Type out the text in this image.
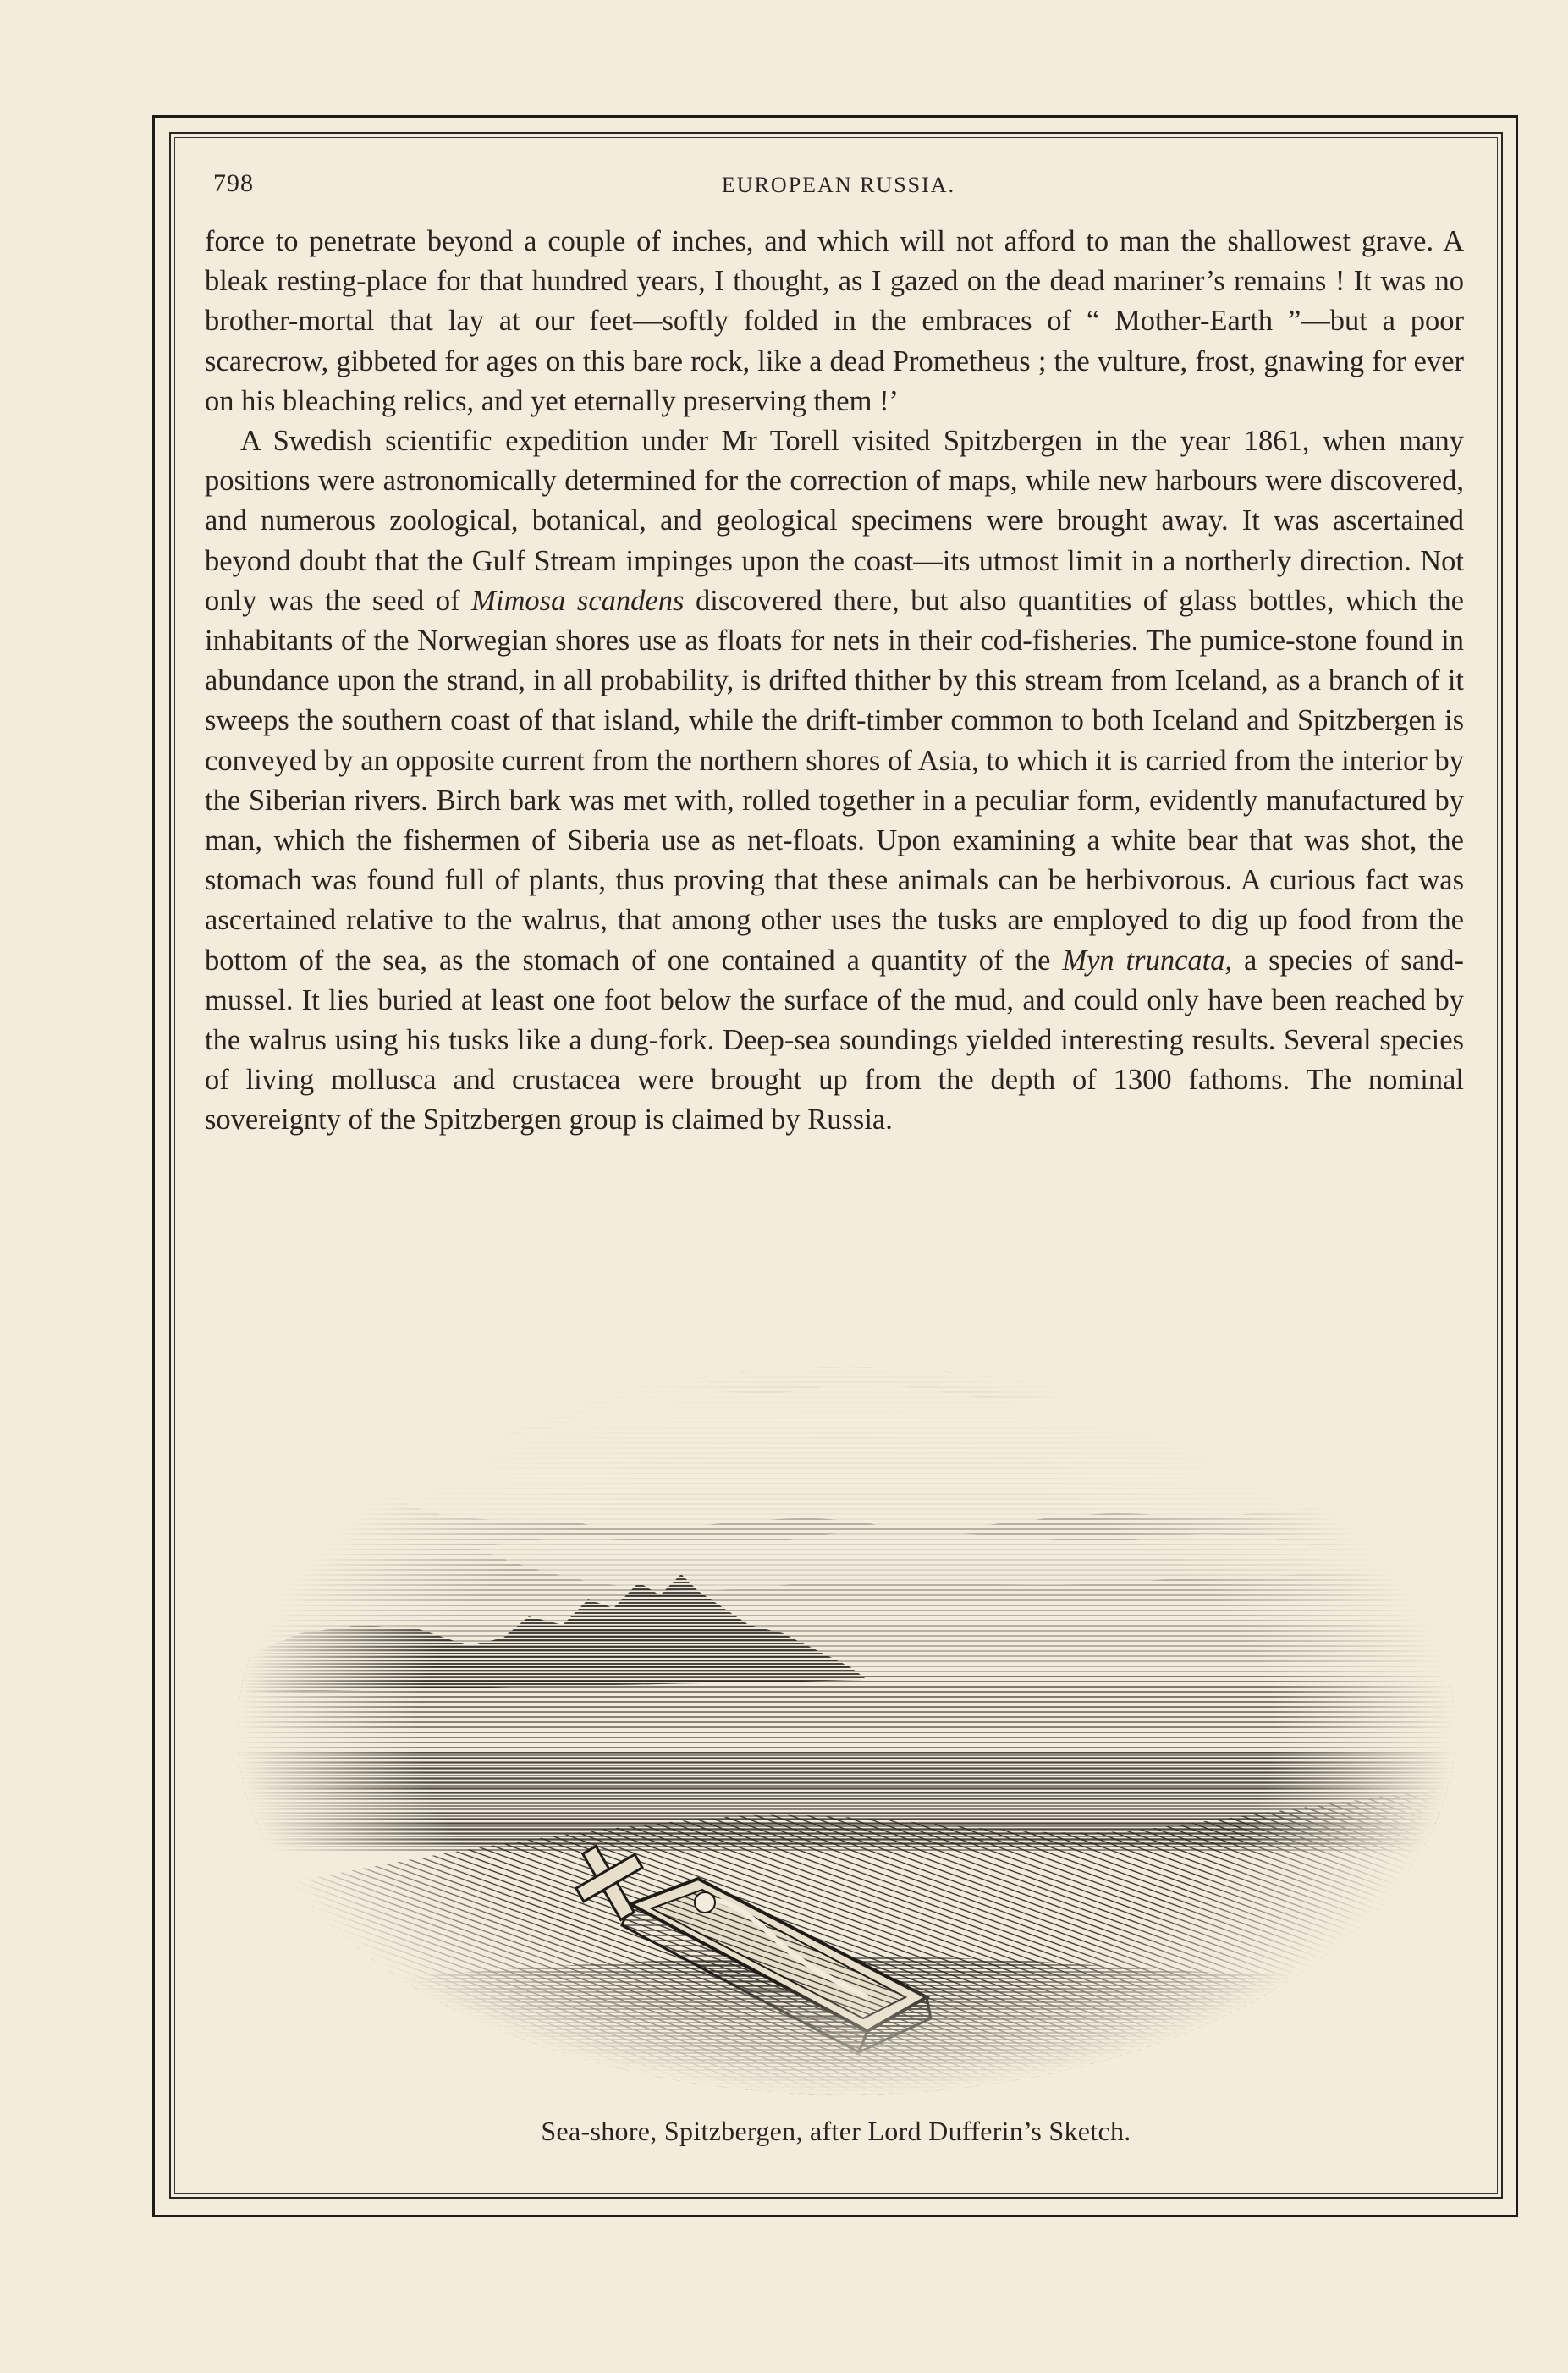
798	EUROPEAN RUSSIA.

force to penetrate beyond a couple of inches, and which will not afford to man the shallowest grave. A bleak resting-place for that hundred years, I thought, as I gazed on the dead mariner’s remains ! It was no brother-mortal that lay at our feet—softly folded in the embraces of “ Mother-Earth ”—but a poor scarecrow, gibbeted for ages on this bare rock, like a dead Prometheus ; the vulture, frost, gnawing for ever on his bleaching relics, and yet eternally preserving them !’

A Swedish scientific expedition under Mr Torell visited Spitzbergen in the year 1861, when many positions were astronomically determined for the correction of maps, while new harbours were discovered, and numerous zoological, botanical, and geological specimens were brought away. It was ascertained beyond doubt that the Gulf Stream impinges upon the coast—its utmost limit in a northerly direction. Not only was the seed of Mimosa scandens discovered there, but also quantities of glass bottles, which the inhabitants of the Norwegian shores use as floats for nets in their cod-fisheries. The pumice-stone found in abundance upon the strand, in all probability, is drifted thither by this stream from Iceland, as a branch of it sweeps the southern coast of that island, while the drift-timber common to both Iceland and Spitzbergen is conveyed by an opposite current from the northern shores of Asia, to which it is carried from the interior by the Siberian rivers. Birch bark was met with, rolled together in a peculiar form, evidently manufactured by man, which the fishermen of Siberia use as net-floats. Upon examining a white bear that was shot, the stomach was found full of plants, thus proving that these animals can be herbivorous. A curious fact was ascertained relative to the walrus, that among other uses the tusks are employed to dig up food from the bottom of the sea, as the stomach of one contained a quantity of the Myn truncata, a species of sand-mussel. It lies buried at least one foot below the surface of the mud, and could only have been reached by the walrus using his tusks like a dung-fork. Deep-sea soundings yielded interesting results. Several species of living mollusca and crustacea were brought up from the depth of 1300 fathoms. The nominal sovereignty of the Spitzbergen group is claimed by Russia.

Sea-shore, Spitzbergen, after Lord Dufferin’s Sketch.
